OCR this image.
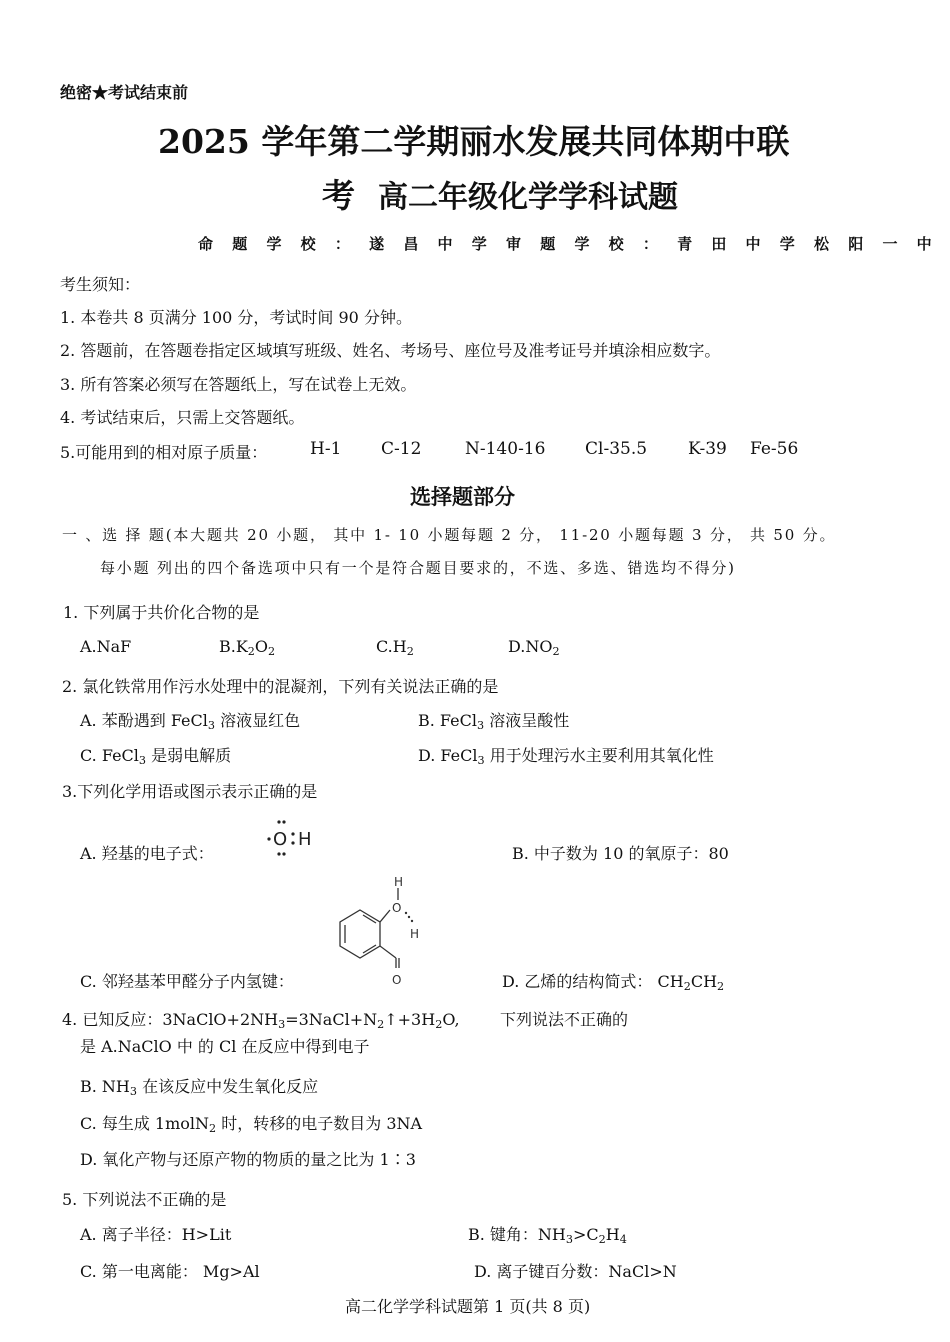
绝密★考试结束前
2025 学年第二学期丽水发展共同体期中联
考 高二年级化学学科试题
命 题 学 校 ： 遂 昌 中 学 审 题 学 校 ： 青 田 中 学 松 阳 一 中
考生须知：
1. 本卷共 8 页满分 100 分，考试时间 90 分钟。
2. 答题前，在答题卷指定区域填写班级、姓名、考场号、座位号及准考证号并填涂相应数字。
3. 所有答案必须写在答题纸上，写在试卷上无效。
4. 考试结束后，只需上交答题纸。
5.可能用到的相对原子质量：	H-1 C-12	N-140-16 Cl-35.5 K-39 Fe-56
选择题部分
一 、选 择 题(本大题共 20 小题， 其中 1- 10 小题每题 2 分， 11-20 小题每题 3 分， 共 50 分。
每小题 列出的四个备选项中只有一个是符合题目要求的，不选、多选、错选均不得分)
1. 下列属于共价化合物的是
A.NaF	$B.K_2O_2$	$C.H_2$	$D.NO_2$
2. 氯化铁常用作污水处理中的混凝剂，下列有关说法正确的是
A. 苯酚遇到 FeCl$_3$ 溶液显红色	B. FeCl$_3$ 溶液呈酸性
C. FeCl$_3$ 是弱电解质	D. FeCl$_3$ 用于处理污水主要利用其氧化性
3.下列化学用语或图示表示正确的是
A. 羟基的电子式：
O H
B. 中子数为 10 的氧原子：80
H
O
H
O
C. 邻羟基苯甲醛分子内氢键：	D. 乙烯的结构简式： $CH_2CH_2$
4. 已知反应：$3NaClO+2NH_3=3NaCl+N_2↑+3H_2O$,	下列说法不正确的
是 A.NaClO 中 的 Cl 在反应中得到电子
B. $NH_3$ 在该反应中发生氧化反应
C. 每生成 1molN$_2$ 时，转移的电子数目为 3NA
D. 氧化产物与还原产物的物质的量之比为 1∶3
5. 下列说法不正确的是
A. 离子半径：H>Lit	B. 键角：$NH_3>C_2H_4$
C. 第一电离能： Mg>Al	D. 离子键百分数：NaCl>N
高二化学学科试题第 1 页(共 8 页)
